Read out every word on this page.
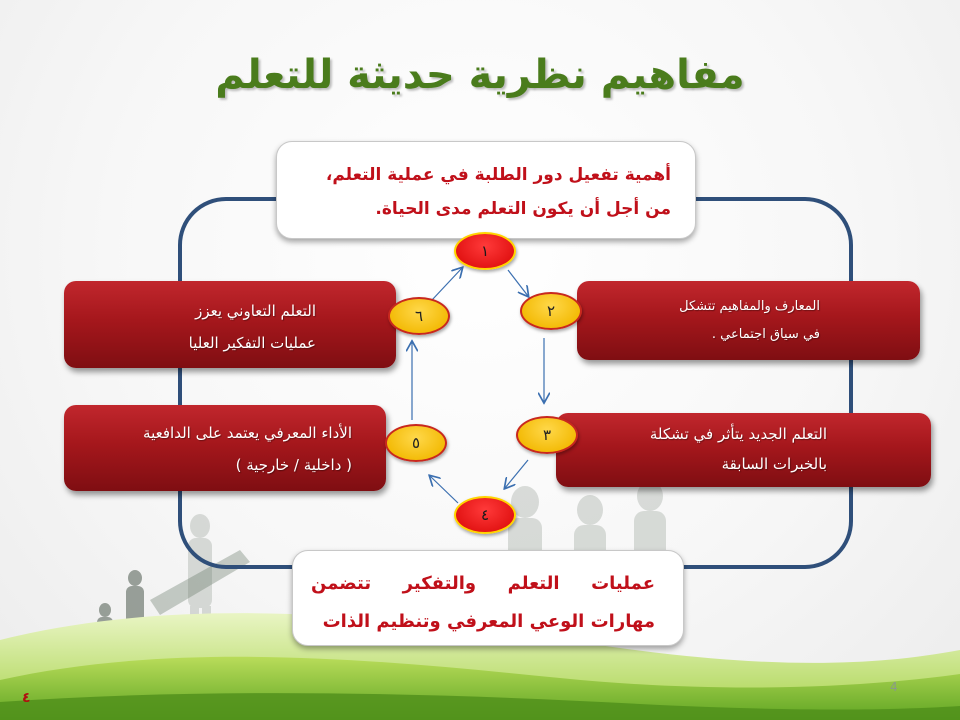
مفاهيم نظرية حديثة للتعلم
أهمية تفعيل دور الطلبة في عملية التعلم،
من أجل أن يكون التعلم مدى الحياة.
التعلم التعاوني يعزز
عمليات التفكير العليا
الأداء المعرفي يعتمد على الدافعية
( داخلية / خارجية )
المعارف والمفاهيم تتشكل
في سياق اجتماعي .
التعلم الجديد يتأثر في تشكلة
بالخبرات السابقة
عمليات التعلم والتفكير تتضمن
مهارات الوعي المعرفي وتنظيم الذات
١
٢
٣
٤
٥
٦
4
٤
